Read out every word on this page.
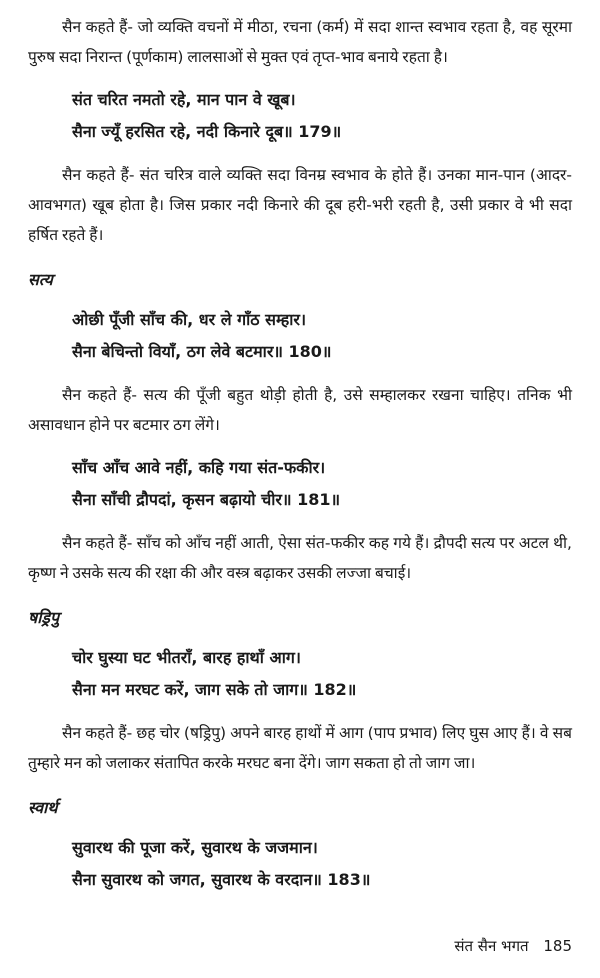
सैन कहते हैं- जो व्यक्ति वचनों में मीठा, रचना (कर्म) में सदा शान्त स्वभाव रहता है, वह सूरमा पुरुष सदा निरान्त (पूर्णकाम) लालसाओं से मुक्त एवं तृप्त-भाव बनाये रहता है।

संत चरित नमतो रहे, मान पान वे खूब।
सैना ज्यूँ हरसित रहे, नदी किनारे दूब॥ 179॥

सैन कहते हैं- संत चरित्र वाले व्यक्ति सदा विनम्र स्वभाव के होते हैं। उनका मान-पान (आदर-आवभगत) खूब होता है। जिस प्रकार नदी किनारे की दूब हरी-भरी रहती है, उसी प्रकार वे भी सदा हर्षित रहते हैं।

सत्य
ओछी पूँजी साँच की, धर ले गाँठ सम्हार।
सैना बेचिन्तो वियाँ, ठग लेवे बटमार॥ 180॥

सैन कहते हैं- सत्य की पूँजी बहुत थोड़ी होती है, उसे सम्हालकर रखना चाहिए। तनिक भी असावधान होने पर बटमार ठग लेंगे।

साँच आँच आवे नहीं, कहि गया संत-फकीर।
सैना साँची द्रौपदां, कृसन बढ़ायो चीर॥ 181॥

सैन कहते हैं- साँच को आँच नहीं आती, ऐसा संत-फकीर कह गये हैं। द्रौपदी सत्य पर अटल थी, कृष्ण ने उसके सत्य की रक्षा की और वस्त्र बढ़ाकर उसकी लज्जा बचाई।

षड्रिपु
चोर घुस्या घट भीतराँ, बारह हाथाँ आग।
सैना मन मरघट करें, जाग सके तो जाग॥ 182॥

सैन कहते हैं- छह चोर (षड्रिपु) अपने बारह हाथों में आग (पाप प्रभाव) लिए घुस आए हैं। वे सब तुम्हारे मन को जलाकर संतापित करके मरघट बना देंगे। जाग सकता हो तो जाग जा।

स्वार्थ
सुवारथ की पूजा करें, सुवारथ के जजमान।
सैना सुवारथ को जगत, सुवारथ के वरदान॥ 183॥
संत सैन भगत 185
